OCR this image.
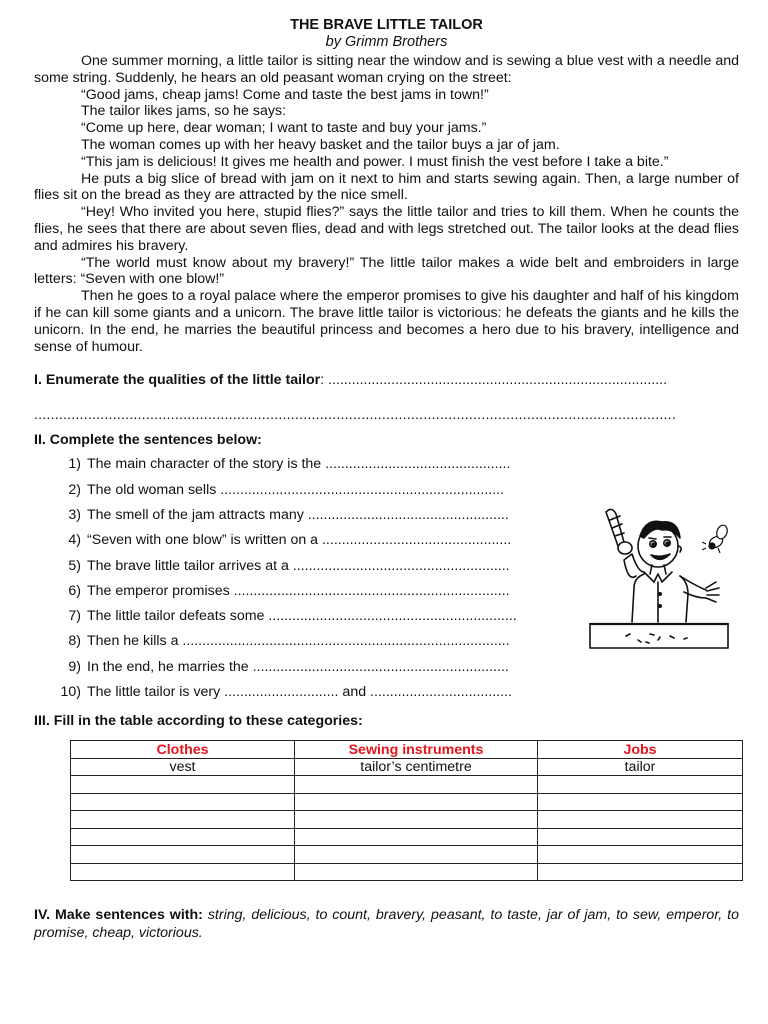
THE BRAVE LITTLE TAILOR
by Grimm Brothers

One summer morning, a little tailor is sitting near the window and is sewing a blue vest with a needle and some string. Suddenly, he hears an old peasant woman crying on the street:

“Good jams, cheap jams! Come and taste the best jams in town!”

The tailor likes jams, so he says:

“Come up here, dear woman; I want to taste and buy your jams.”

The woman comes up with her heavy basket and the tailor buys a jar of jam.

“This jam is delicious! It gives me health and power. I must finish the vest before I take a bite.”

He puts a big slice of bread with jam on it next to him and starts sewing again. Then, a large number of flies sit on the bread as they are attracted by the nice smell.

“Hey! Who invited you here, stupid flies?” says the little tailor and tries to kill them. When he counts the flies, he sees that there are about seven flies, dead and with legs stretched out. The tailor looks at the dead flies and admires his bravery.

“The world must know about my bravery!” The little tailor makes a wide belt and embroiders in large letters: “Seven with one blow!”

Then he goes to a royal palace where the emperor promises to give his daughter and half of his kingdom if he can kill some giants and a unicorn. The brave little tailor is victorious: he defeats the giants and he kills the unicorn. In the end, he marries the beautiful princess and becomes a hero due to his bravery, intelligence and sense of humour.

I. Enumerate the qualities of the little tailor: ......................................................................................
...........................................................................................................................................................
II. Complete the sentences below:
1) The main character of the story is the ...............................................
2) The old woman sells ........................................................................
3) The smell of the jam attracts many ...................................................
4) “Seven with one blow” is written on a ................................................
5) The brave little tailor arrives at a .......................................................
6) The emperor promises ......................................................................
7) The little tailor defeats some ...............................................................
8) Then he kills a ...................................................................................
9) In the end, he marries the .................................................................
10) The little tailor is very ............................. and ....................................
III. Fill in the table according to these categories:
Clothes	Sewing instruments	Jobs
vest	tailor’s centimetre	tailor

IV. Make sentences with: string, delicious, to count, bravery, peasant, to taste, jar of jam, to sew, emperor, to promise, cheap, victorious.
